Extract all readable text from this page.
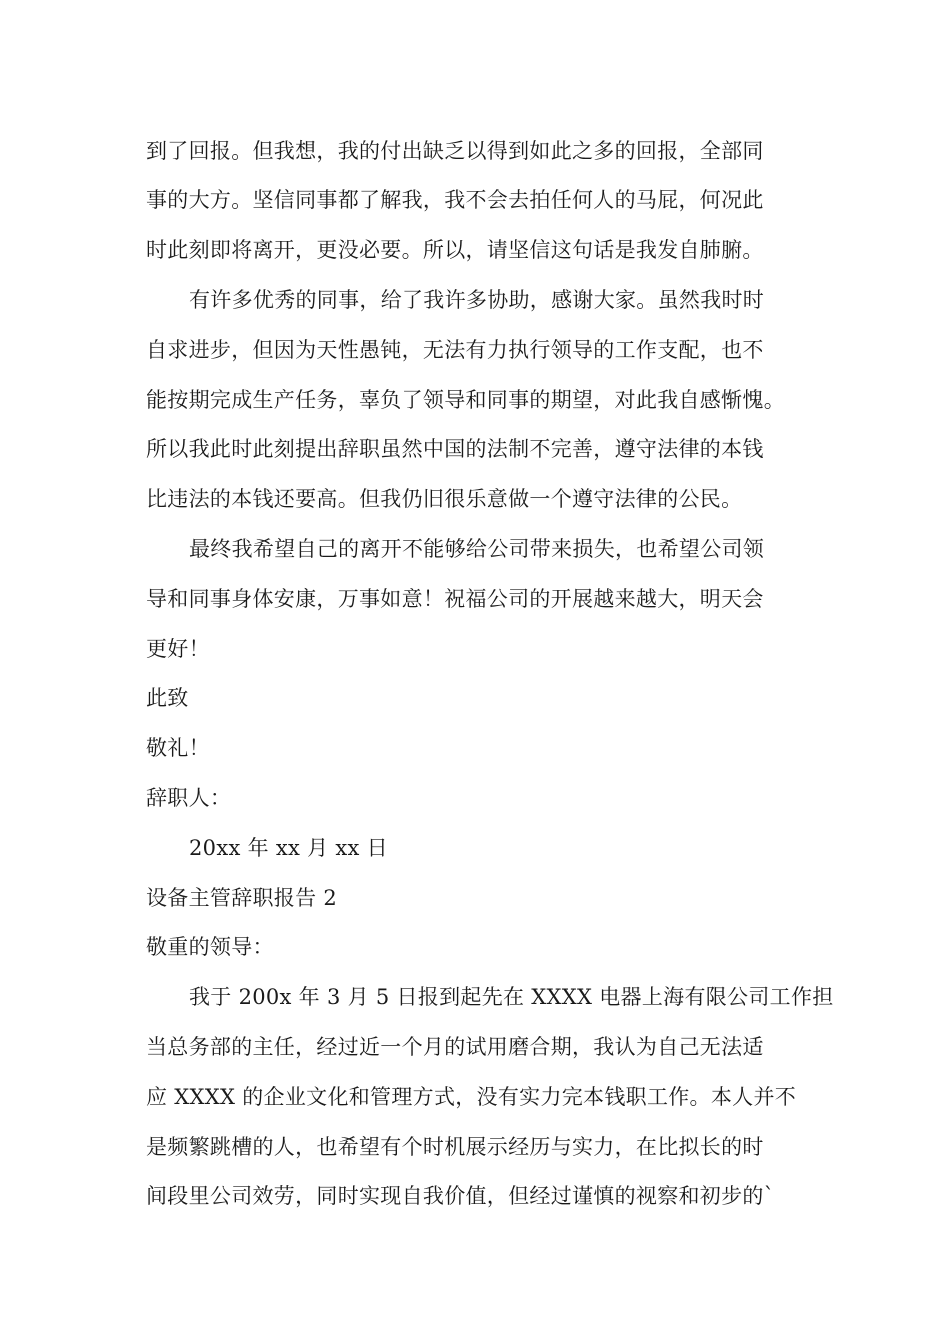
到了回报。但我想，我的付出缺乏以得到如此之多的回报，全部同
事的大方。坚信同事都了解我，我不会去拍任何人的马屁，何况此
时此刻即将离开，更没必要。所以，请坚信这句话是我发自肺腑。
有许多优秀的同事，给了我许多协助，感谢大家。虽然我时时
自求进步，但因为天性愚钝，无法有力执行领导的工作支配，也不
能按期完成生产任务，辜负了领导和同事的期望，对此我自感惭愧。
所以我此时此刻提出辞职虽然中国的法制不完善，遵守法律的本钱
比违法的本钱还要高。但我仍旧很乐意做一个遵守法律的公民。
最终我希望自己的离开不能够给公司带来损失，也希望公司领
导和同事身体安康，万事如意！祝福公司的开展越来越大，明天会
更好！
此致
敬礼！
辞职人：
20xx 年 xx 月 xx 日
设备主管辞职报告 2
敬重的领导：
我于 200x 年 3 月 5 日报到起先在 XXXX 电器上海有限公司工作担
当总务部的主任，经过近一个月的试用磨合期，我认为自己无法适
应 XXXX 的企业文化和管理方式，没有实力完本钱职工作。本人并不
是频繁跳槽的人，也希望有个时机展示经历与实力，在比拟长的时
间段里公司效劳，同时实现自我价值，但经过谨慎的视察和初步的`
